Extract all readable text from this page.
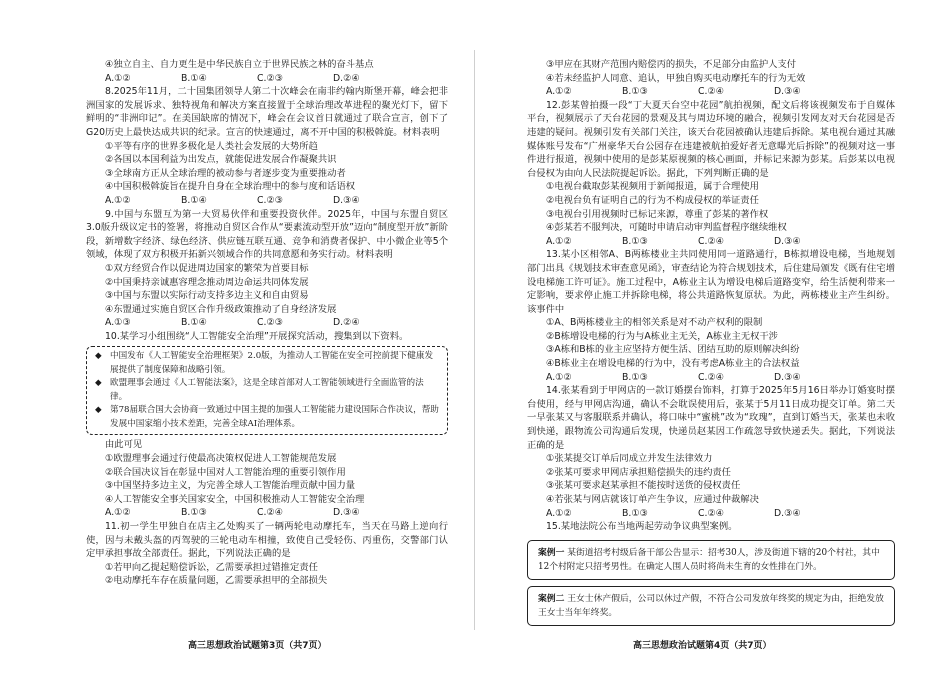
④独立自主、自力更生是中华民族自立于世界民族之林的奋斗基点

A.①②	B.①④	C.②③	D.②④

8.2025年11月，二十国集团领导人第二十次峰会在南非约翰内斯堡开幕，峰会把非洲国家的发展诉求、独特视角和解决方案直接置于全球治理改革进程的聚光灯下，留下鲜明的“非洲印记”。在美国缺席的情况下，峰会在会议首日就通过了联合宣言，创下了G20历史上最快达成共识的纪录。宣言的快速通过，离不开中国的积极斡旋。材料表明

①平等有序的世界多极化是人类社会发展的大势所趋

②各国以本国利益为出发点，就能促进发展合作凝聚共识

③全球南方正从全球治理的被动参与者逐步变为重要推动者

④中国积极斡旋旨在提升自身在全球治理中的参与度和话语权

A.①②	B.①④	C.②③	D.③④

9.中国与东盟互为第一大贸易伙伴和重要投资伙伴。2025年，中国与东盟自贸区3.0版升级议定书的签署，将推动自贸区合作从“要素流动型开放”迈向“制度型开放”新阶段，新增数字经济、绿色经济、供应链互联互通、竞争和消费者保护、中小微企业等5个领域，体现了双方积极开拓新兴领域合作的共同意愿和务实行动。材料表明

①双方经贸合作以促进周边国家的繁荣为首要目标

②中国秉持亲诚惠容理念推动周边命运共同体发展

③中国与东盟以实际行动支持多边主义和自由贸易

④东盟通过实施自贸区合作升级政策推动了自身经济发展

A.①③	B.①④	C.②③	D.②④

10.某学习小组围绕“人工智能安全治理”开展探究活动，搜集到以下资料。

◆ 中国发布《人工智能安全治理框架》2.0版，为推动人工智能在安全可控前提下健康发展提供了制度保障和战略引领。
◆ 欧盟理事会通过《人工智能法案》，这是全球首部对人工智能领域进行全面监管的法律。
◆ 第78届联合国大会协商一致通过中国主提的加强人工智能能力建设国际合作决议，帮助发展中国家缩小技术差距，完善全球AI治理体系。

由此可见

①欧盟理事会通过行使最高决策权促进人工智能规范发展

②联合国决议旨在彰显中国对人工智能治理的重要引领作用

③中国坚持多边主义，为完善全球人工智能治理贡献中国力量

④人工智能安全事关国家安全，中国积极推动人工智能安全治理

A.①②	B.①③	C.②④	D.③④

11.初一学生甲独自在店主乙处购买了一辆两轮电动摩托车，当天在马路上逆向行使，因与未戴头盔的丙驾驶的三轮电动车相撞，致使自己受轻伤、丙重伤，交警部门认定甲承担事故全部责任。据此，下列说法正确的是

①若甲向乙提起赔偿诉讼，乙需要承担过错推定责任

②电动摩托车存在质量问题，乙需要承担甲的全部损失

③甲应在其财产范围内赔偿丙的损失，不足部分由监护人支付

④若未经监护人同意、追认，甲独自购买电动摩托车的行为无效

A.①②	B.①③	C.②④	D.③④

12.彭某曾拍摄一段“丁大夏天台空中花园”航拍视频，配文后将该视频发布于自媒体平台，视频展示了天台花园的景观及其与周边环境的融合，视频引发网友对天台花园是否违建的疑问。视频引发有关部门关注，该天台花园被确认违建后拆除。某电视台通过其融媒体账号发布“广州豪华天台公园存在违建被航拍爱好者无意曝光后拆除”的视频对这一事件进行报道，视频中使用的是彭某原视频的核心画面，并标记来源为彭某。后彭某以电视台侵权为由向人民法院提起诉讼。据此，下列判断正确的是

①电视台截取彭某视频用于新闻报道，属于合理使用

②电视台负有证明自己的行为不构成侵权的举证责任

③电视台引用视频时已标记来源，尊重了彭某的著作权

④彭某若不服判决，可随时申请启动审判监督程序继续维权

A.①②	B.①③	C.②④	D.③④

13.某小区相邻A、B两栋楼业主共同使用同一道路通行，B栋拟增设电梯，当地规划部门出具《规划技术审查意见函》，审查结论为符合规划技术，后住建局颁发《既有住宅增设电梯施工许可证》。施工过程中，A栋业主认为增设电梯后道路变窄，给生活便利带来一定影响，要求停止施工并拆除电梯，将公共道路恢复原状。为此，两栋楼业主产生纠纷。该事件中

①A、B两栋楼业主的相邻关系是对不动产权利的限制

②B栋增设电梯的行为与A栋业主无关，A栋业主无权干涉

③A栋和B栋的业主应坚持方便生活、团结互助的原则解决纠纷

④B栋业主在增设电梯的行为中，没有考虑A栋业主的合法权益

A.①②	B.①③	C.②④	D.③④

14.张某看到于甲网店的一款订婚摆台饰料，打算于2025年5月16日举办订婚宴时摆台使用，经与甲网店沟通，确认不会耽误使用后，张某于5月11日成功提交订单。第二天一早张某又与客服联系并确认，将口味中“蜜桃”改为“玫瑰”，直到订婚当天，张某也未收到快递，跟物流公司沟通后发现，快递员赵某因工作疏忽导致快递丢失。据此，下列说法正确的是

①张某提交订单后同成立并发生法律效力

②张某可要求甲网店承担赔偿损失的违约责任

③张某可要求赵某承担不能按时送货的侵权责任

④若张某与网店就该订单产生争议，应通过仲裁解决

A.①②	B.①③	C.②④	D.③④

15.某地法院公布当地两起劳动争议典型案例。

案例一 某街道招考村级后备干部公告显示：招考30人，涉及街道下辖的20个村社，其中12个村附定只招考男性。在确定人围人员时将尚未生育的女性排在门外。
案例二 王女士休产假后，公司以休过产假，不符合公司发放年终奖的规定为由，拒绝发放王女士当年年终奖。
高三思想政治试题第3页（共7页）	高三思想政治试题第4页（共7页）
